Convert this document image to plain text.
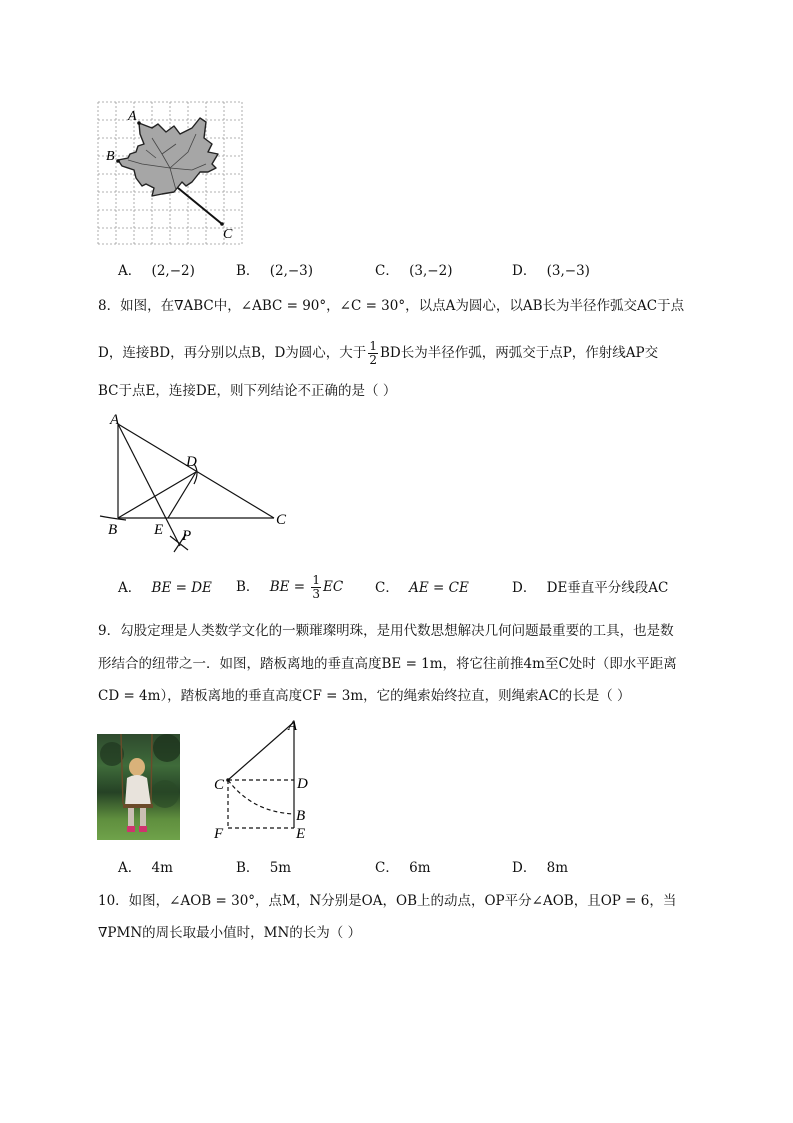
A
B
C
A． (2,−2)	B． (2,−3)	C． (3,−2)	D． (3,−3)
8．如图，在∇ABC中，∠ABC = 90°，∠C = 30°，以点A为圆心，以AB长为半径作弧交AC于点
D，连接BD，再分别以点B，D为圆心，大于 $\frac{1}{2}$ BD长为半径作弧，两弧交于点P，作射线AP交
BC于点E，连接DE，则下列结论不正确的是（ ）
A
B
C
D
E P
A． BE = DE B． BE = $\frac{1}{3}$ EC C． AE = CE	D． DE垂直平分线段AC
9．勾股定理是人类数学文化的一颗璀璨明珠，是用代数思想解决几何问题最重要的工具，也是数
形结合的纽带之一．如图，踏板离地的垂直高度BE = 1m，将它往前推4m至C处时（即水平距离
CD = 4m），踏板离地的垂直高度CF = 3m，它的绳索始终拉直，则绳索AC的长是（ ）
A
C	D
B
F	E
A． 4m	B． 5m	C． 6m	D． 8m
10．如图，∠AOB = 30°，点M，N分别是OA，OB上的动点，OP平分∠AOB，且OP = 6，当
∇PMN的周长取最小值时，MN的长为（ ）
